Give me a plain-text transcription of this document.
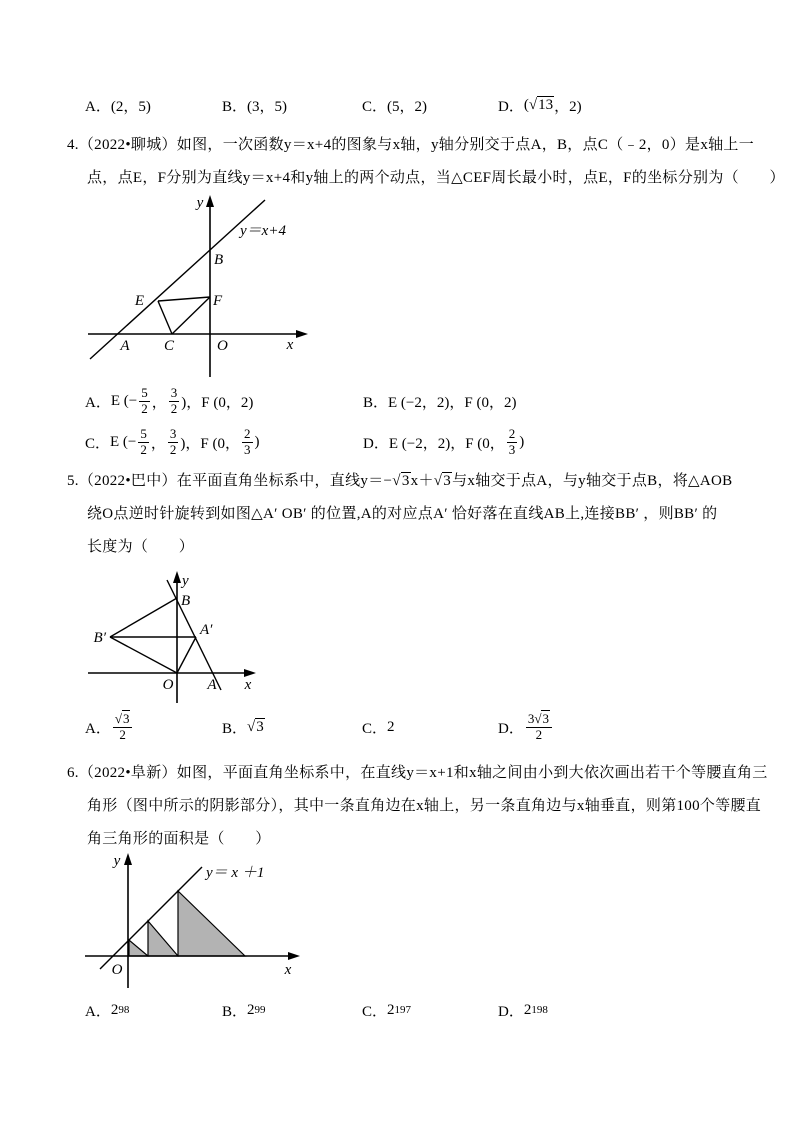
A． (2，5)	B． (3，5)	C． (5，2)	D． ( √13 ，2)
4.（2022•聊城）如图，一次函数y＝x+4的图象与x轴，y轴分别交于点A，B，点C（﹣2，0）是x轴上一
点，点E，F分别为直线y＝x+4和y轴上的两个动点，当△CEF周长最小时，点E，F的坐标分别为（　　）
y
y＝x+4
B
E	F
A C	O	x
A． E (− $\frac{5}{2}$ ， $\frac{3}{2}$ )，F (0，2)	B． E (−2，2)，F (0，2)
C． E (− $\frac{5}{2}$ ， $\frac{3}{2}$ )，F (0， $\frac{2}{3}$ )	D． E (−2，2)，F (0， $\frac{2}{3}$ )
5.（2022•巴中）在平面直角坐标系中，直线y＝−√3x＋√3与x轴交于点A，与y轴交于点B，将△AOB
绕O点逆时针旋转到如图△A′ OB′ 的位置,A的对应点A′ 恰好落在直线AB上,连接BB′ ，则BB′ 的
长度为（　　）
y
B
B′	A′
O A x
A． $\frac{√3}{2}$	B． √3	C． 2	D． $\frac{3√3}{2}$
6.（2022•阜新）如图，平面直角坐标系中，在直线y＝x+1和x轴之间由小到大依次画出若干个等腰直角三
角形（图中所示的阴影部分），其中一条直角边在x轴上，另一条直角边与x轴垂直，则第100个等腰直
角三角形的面积是（　　）
y
y＝ x ＋1
O	x
A． 2 98	B． 2 99	C． 2 197	D． 2 198
